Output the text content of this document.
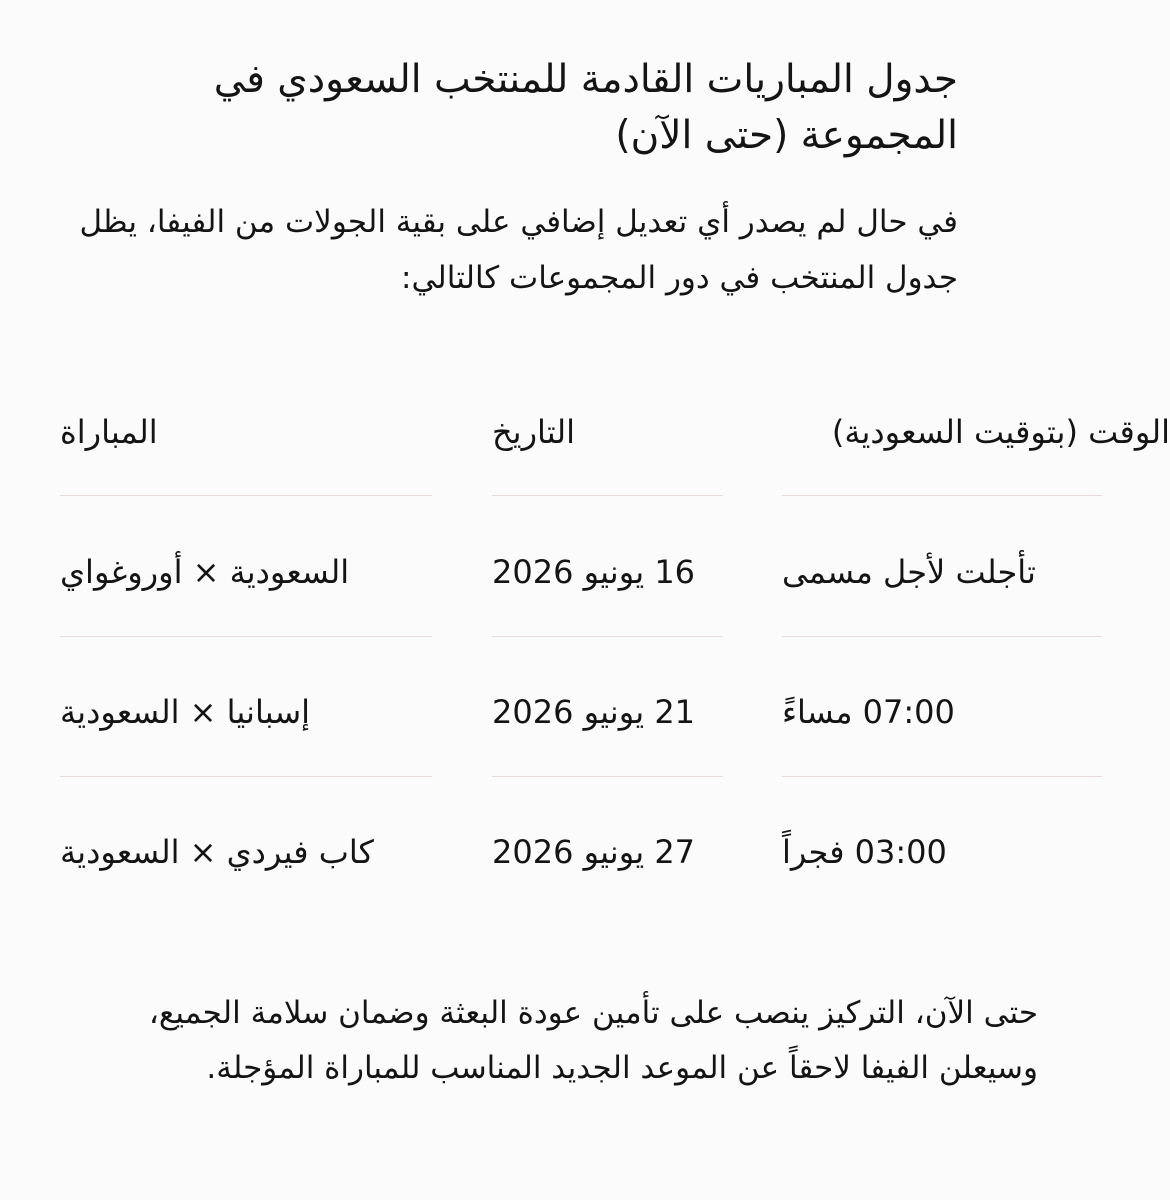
جدول المباريات القادمة للمنتخب السعودي في المجموعة (حتى الآن)

في حال لم يصدر أي تعديل إضافي على بقية الجولات من الفيفا، يظل جدول المنتخب في دور المجموعات كالتالي:

المباراة	التاريخ	الوقت (بتوقيت السعودية)
السعودية × أوروغواي	16 يونيو 2026	تأجلت لأجل مسمى
إسبانيا × السعودية	21 يونيو 2026	07:00 مساءً
كاب فيردي × السعودية	27 يونيو 2026	03:00 فجراً

حتى الآن، التركيز ينصب على تأمين عودة البعثة وضمان سلامة الجميع، وسيعلن الفيفا لاحقاً عن الموعد الجديد المناسب للمباراة المؤجلة.
